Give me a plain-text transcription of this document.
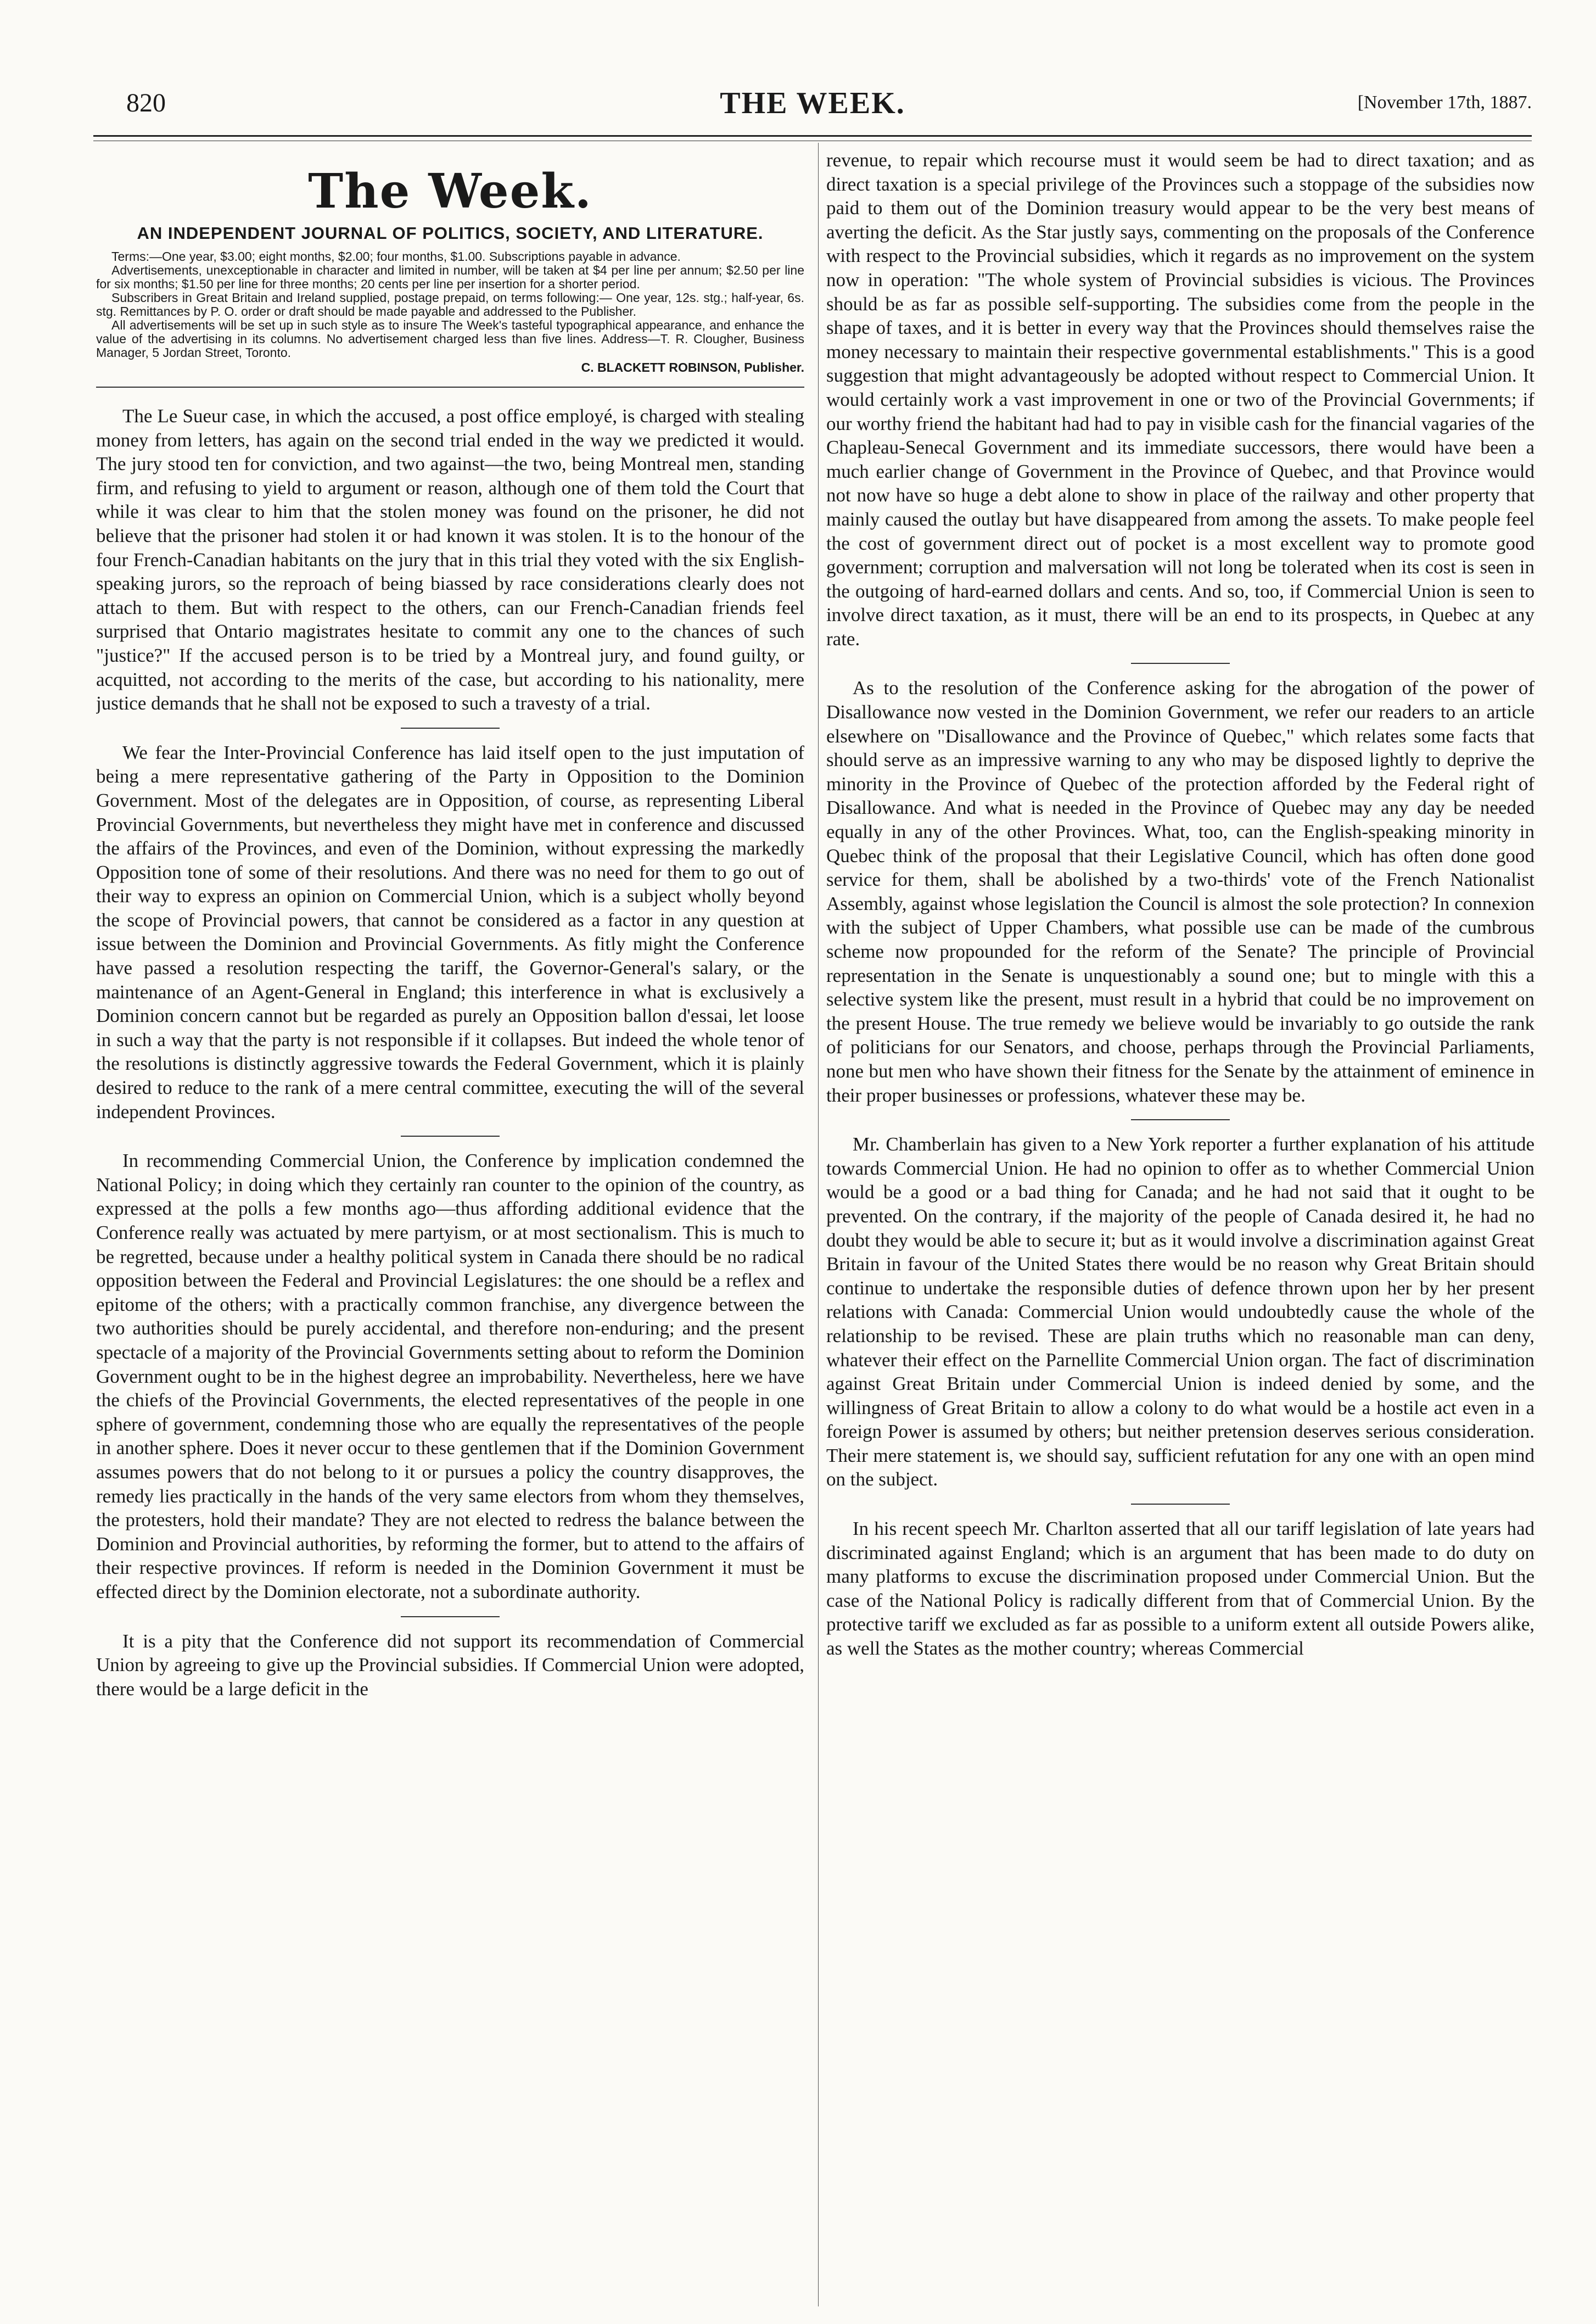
820	THE WEEK.	[November 17th, 1887.
The Week.
AN INDEPENDENT JOURNAL OF POLITICS, SOCIETY, AND LITERATURE.

Terms:—One year, $3.00; eight months, $2.00; four months, $1.00. Subscriptions payable in advance.

Advertisements, unexceptionable in character and limited in number, will be taken at $4 per line per annum; $2.50 per line for six months; $1.50 per line for three months; 20 cents per line per insertion for a shorter period.

Subscribers in Great Britain and Ireland supplied, postage prepaid, on terms following:— One year, 12s. stg.; half-year, 6s. stg. Remittances by P. O. order or draft should be made payable and addressed to the Publisher.

All advertisements will be set up in such style as to insure The Week's tasteful typographical appearance, and enhance the value of the advertising in its columns. No advertisement charged less than five lines. Address—T. R. Clougher, Business Manager, 5 Jordan Street, Toronto.

C. BLACKETT ROBINSON, Publisher.

The Le Sueur case, in which the accused, a post office employé, is charged with stealing money from letters, has again on the second trial ended in the way we predicted it would. The jury stood ten for conviction, and two against—the two, being Montreal men, standing firm, and refusing to yield to argument or reason, although one of them told the Court that while it was clear to him that the stolen money was found on the prisoner, he did not believe that the prisoner had stolen it or had known it was stolen. It is to the honour of the four French-Canadian habitants on the jury that in this trial they voted with the six English-speaking jurors, so the reproach of being biassed by race considerations clearly does not attach to them. But with respect to the others, can our French-Canadian friends feel surprised that Ontario magistrates hesitate to commit any one to the chances of such "justice?" If the accused person is to be tried by a Montreal jury, and found guilty, or acquitted, not according to the merits of the case, but according to his nationality, mere justice demands that he shall not be exposed to such a travesty of a trial.

We fear the Inter-Provincial Conference has laid itself open to the just imputation of being a mere representative gathering of the Party in Opposition to the Dominion Government. Most of the delegates are in Opposition, of course, as representing Liberal Provincial Governments, but nevertheless they might have met in conference and discussed the affairs of the Provinces, and even of the Dominion, without expressing the markedly Opposition tone of some of their resolutions. And there was no need for them to go out of their way to express an opinion on Commercial Union, which is a subject wholly beyond the scope of Provincial powers, that cannot be considered as a factor in any question at issue between the Dominion and Provincial Governments. As fitly might the Conference have passed a resolution respecting the tariff, the Governor-General's salary, or the maintenance of an Agent-General in England; this interference in what is exclusively a Dominion concern cannot but be regarded as purely an Opposition ballon d'essai, let loose in such a way that the party is not responsible if it collapses. But indeed the whole tenor of the resolutions is distinctly aggressive towards the Federal Government, which it is plainly desired to reduce to the rank of a mere central committee, executing the will of the several independent Provinces.

In recommending Commercial Union, the Conference by implication condemned the National Policy; in doing which they certainly ran counter to the opinion of the country, as expressed at the polls a few months ago—thus affording additional evidence that the Conference really was actuated by mere partyism, or at most sectionalism. This is much to be regretted, because under a healthy political system in Canada there should be no radical opposition between the Federal and Provincial Legislatures: the one should be a reflex and epitome of the others; with a practically common franchise, any divergence between the two authorities should be purely accidental, and therefore non-enduring; and the present spectacle of a majority of the Provincial Governments setting about to reform the Dominion Government ought to be in the highest degree an improbability. Nevertheless, here we have the chiefs of the Provincial Governments, the elected representatives of the people in one sphere of government, condemning those who are equally the representatives of the people in another sphere. Does it never occur to these gentlemen that if the Dominion Government assumes powers that do not belong to it or pursues a policy the country disapproves, the remedy lies practically in the hands of the very same electors from whom they themselves, the protesters, hold their mandate? They are not elected to redress the balance between the Dominion and Provincial authorities, by reforming the former, but to attend to the affairs of their respective provinces. If reform is needed in the Dominion Government it must be effected direct by the Dominion electorate, not a subordinate authority.

It is a pity that the Conference did not support its recommendation of Commercial Union by agreeing to give up the Provincial subsidies. If Commercial Union were adopted, there would be a large deficit in the

revenue, to repair which recourse must it would seem be had to direct taxation; and as direct taxation is a special privilege of the Provinces such a stoppage of the subsidies now paid to them out of the Dominion treasury would appear to be the very best means of averting the deficit. As the Star justly says, commenting on the proposals of the Conference with respect to the Provincial subsidies, which it regards as no improvement on the system now in operation: "The whole system of Provincial subsidies is vicious. The Provinces should be as far as possible self-supporting. The subsidies come from the people in the shape of taxes, and it is better in every way that the Provinces should themselves raise the money necessary to maintain their respective governmental establishments." This is a good suggestion that might advantageously be adopted without respect to Commercial Union. It would certainly work a vast improvement in one or two of the Provincial Governments; if our worthy friend the habitant had had to pay in visible cash for the financial vagaries of the Chapleau-Senecal Government and its immediate successors, there would have been a much earlier change of Government in the Province of Quebec, and that Province would not now have so huge a debt alone to show in place of the railway and other property that mainly caused the outlay but have disappeared from among the assets. To make people feel the cost of government direct out of pocket is a most excellent way to promote good government; corruption and malversation will not long be tolerated when its cost is seen in the outgoing of hard-earned dollars and cents. And so, too, if Commercial Union is seen to involve direct taxation, as it must, there will be an end to its prospects, in Quebec at any rate.

As to the resolution of the Conference asking for the abrogation of the power of Disallowance now vested in the Dominion Government, we refer our readers to an article elsewhere on "Disallowance and the Province of Quebec," which relates some facts that should serve as an impressive warning to any who may be disposed lightly to deprive the minority in the Province of Quebec of the protection afforded by the Federal right of Disallowance. And what is needed in the Province of Quebec may any day be needed equally in any of the other Provinces. What, too, can the English-speaking minority in Quebec think of the proposal that their Legislative Council, which has often done good service for them, shall be abolished by a two-thirds' vote of the French Nationalist Assembly, against whose legislation the Council is almost the sole protection? In connexion with the subject of Upper Chambers, what possible use can be made of the cumbrous scheme now propounded for the reform of the Senate? The principle of Provincial representation in the Senate is unquestionably a sound one; but to mingle with this a selective system like the present, must result in a hybrid that could be no improvement on the present House. The true remedy we believe would be invariably to go outside the rank of politicians for our Senators, and choose, perhaps through the Provincial Parliaments, none but men who have shown their fitness for the Senate by the attainment of eminence in their proper businesses or professions, whatever these may be.

Mr. Chamberlain has given to a New York reporter a further explanation of his attitude towards Commercial Union. He had no opinion to offer as to whether Commercial Union would be a good or a bad thing for Canada; and he had not said that it ought to be prevented. On the contrary, if the majority of the people of Canada desired it, he had no doubt they would be able to secure it; but as it would involve a discrimination against Great Britain in favour of the United States there would be no reason why Great Britain should continue to undertake the responsible duties of defence thrown upon her by her present relations with Canada: Commercial Union would undoubtedly cause the whole of the relationship to be revised. These are plain truths which no reasonable man can deny, whatever their effect on the Parnellite Commercial Union organ. The fact of discrimination against Great Britain under Commercial Union is indeed denied by some, and the willingness of Great Britain to allow a colony to do what would be a hostile act even in a foreign Power is assumed by others; but neither pretension deserves serious consideration. Their mere statement is, we should say, sufficient refutation for any one with an open mind on the subject.

In his recent speech Mr. Charlton asserted that all our tariff legislation of late years had discriminated against England; which is an argument that has been made to do duty on many platforms to excuse the discrimination proposed under Commercial Union. But the case of the National Policy is radically different from that of Commercial Union. By the protective tariff we excluded as far as possible to a uniform extent all outside Powers alike, as well the States as the mother country; whereas Commercial
